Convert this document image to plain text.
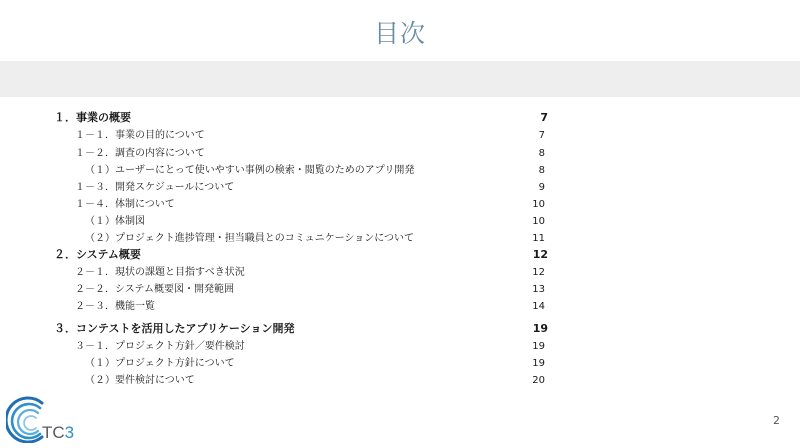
目次
１．事業の概要	7
１－１．事業の目的について	7
１－２．調査の内容について	8
（１）ユーザーにとって使いやすい事例の検索・閲覧のためのアプリ開発	8
１－３．開発スケジュールについて	9
１－４．体制について	10
（１）体制図	10
（２）プロジェクト進捗管理・担当職員とのコミュニケーションについて	11
２．システム概要	12
２－１．現状の課題と目指すべき状況	12
２－２．システム概要図・開発範囲	13
２－３．機能一覧	14
３．コンテストを活用したアプリケーション開発	19
３－１．プロジェクト方針／要件検討	19
（１）プロジェクト方針について	19
（２）要件検討について	20
TC3
2
